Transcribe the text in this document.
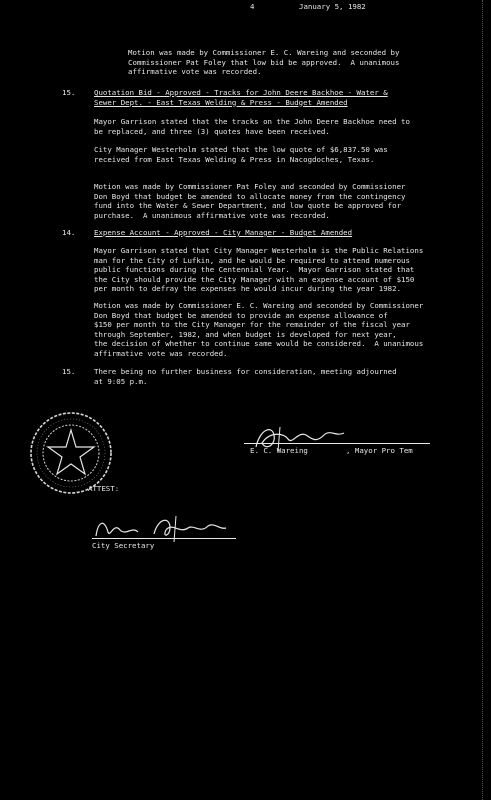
4	January 5, 1982

Motion was made by Commissioner E. C. Wareing and seconded by

Commissioner Pat Foley that low bid be approved.  A unanimous

affirmative vote was recorded.

15.	Quotation Bid - Approved - Tracks for John Deere Backhoe - Water &

Sewer Dept. - East Texas Welding & Press - Budget Amended

Mayor Garrison stated that the tracks on the John Deere Backhoe need to

be replaced, and three (3) quotes have been received.

City Manager Westerholm stated that the low quote of $6,837.50 was

received from East Texas Welding & Press in Nacogdoches, Texas.

Motion was made by Commissioner Pat Foley and seconded by Commissioner

Don Boyd that budget be amended to allocate money from the contingency

fund into the Water & Sewer Department, and low quote be approved for

purchase.  A unanimous affirmative vote was recorded.

14.	Expense Account - Approved - City Manager - Budget Amended

Mayor Garrison stated that City Manager Westerholm is the Public Relations

man for the City of Lufkin, and he would be required to attend numerous

public functions during the Centennial Year.  Mayor Garrison stated that

the City should provide the City Manager with an expense account of $150

per month to defray the expenses he would incur during the year 1982.

Motion was made by Commissioner E. C. Wareing and seconded by Commissioner

Don Boyd that budget be amended to provide an expense allowance of

$150 per month to the City Manager for the remainder of the fiscal year

through September, 1982, and when budget is developed for next year,

the decision of whether to continue same would be considered.  A unanimous

affirmative vote was recorded.

15.	There being no further business for consideration, meeting adjourned

at 9:05 p.m.

E. C. Wareing	, Mayor Pro Tem
ATTEST:
City Secretary
